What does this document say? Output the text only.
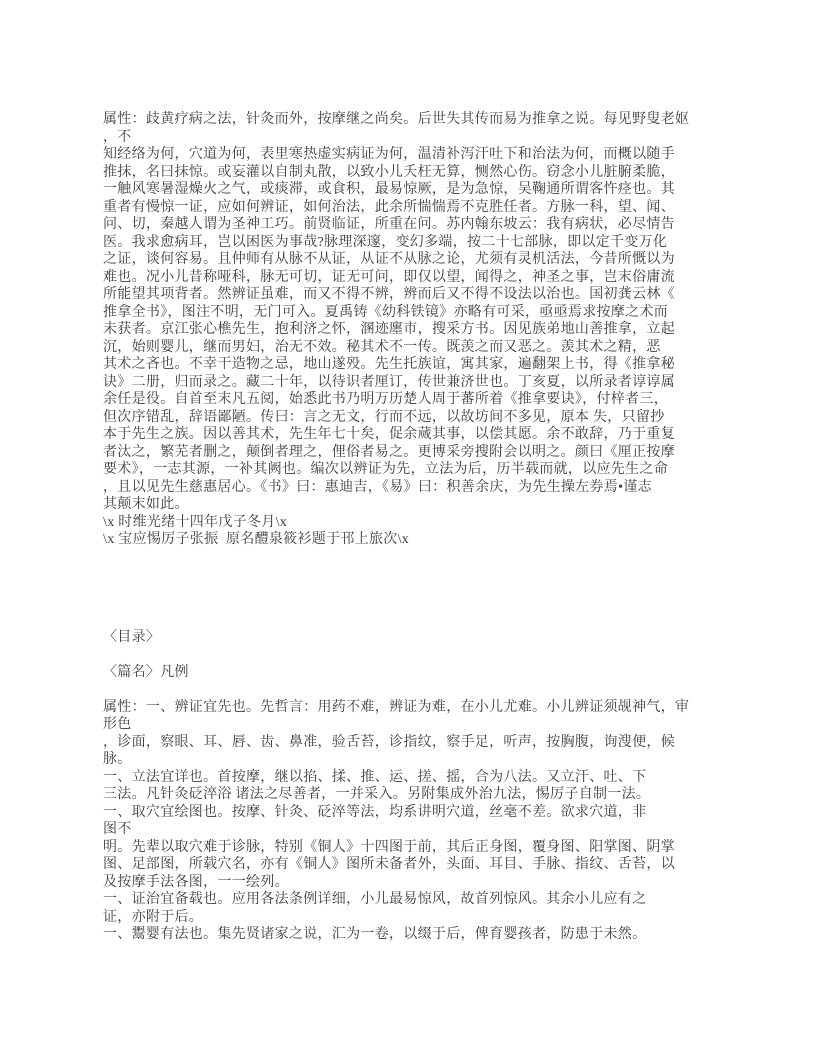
属性：歧黄疗病之法，针灸而外，按摩继之尚矣。后世失其传而易为推拿之说。每见野叟老妪
，不
知经络为何，穴道为何，表里寒热虚实病证为何，温清补泻汗吐下和治法为何，而概以随手
推抹，名曰抹惊。或妄灌以自制丸散，以致小儿夭枉无算，恻然心伤。窃念小儿脏腑柔脆，
一触风寒暑湿燥火之气，或痰滞，或食积，最易惊厥，是为急惊，吴鞠通所谓客忤痉也。其
重者有慢惊一证，应如何辨证，如何治法，此余所惴惴焉不克胜任者。方脉一科，望、闻、
问、切，秦越人谓为圣神工巧。前贤临证，所重在问。苏内翰东坡云：我有病状，必尽情告
医。我求愈病耳，岂以困医为事哉?脉理深邃，变幻多端，按二十七部脉，即以定千变万化
之证，谈何容易。且仲师有从脉不从证，从证不从脉之论，尤须有灵机活法，今昔所慨以为
难也。况小儿昔称哑科，脉无可切，证无可问，即仅以望，闻得之，神圣之事，岂末俗庸流
所能望其项背者。然辨证虽难，而又不得不辨，辨而后又不得不设法以治也。国初龚云林《
推拿全书》，图注不明，无门可入。夏禹铸《幼科铁镜》亦略有可采，亟亟焉求按摩之术而
未获者。京江张心樵先生，抱利济之怀，溷迹廛市，搜采方书。因见族弟地山善推拿，立起
沉，始则婴儿，继而男妇，治无不效。秘其术不一传。既羡之而又恶之。羡其术之精，恶
其术之吝也。不幸干造物之忌，地山遂殁。先生托族谊，寓其家，遍翻架上书，得《推拿秘
诀》二册，归而录之。藏二十年，以待识者厘订，传世兼济世也。丁亥夏，以所录者谆谆属
余任是役。自首至末凡五阅，始悉此书乃明万历楚人周于蕃所着《推拿要诀》，付梓者三，
但次序错乱，辞语鄙陋。传曰：言之无文，行而不远，以故坊间不多见，原本 失，只留抄
本于先生之族。因以善其术，先生年七十矣，促余蒇其事，以偿其愿。余不敢辞，乃于重复
者汰之，繁芜者删之，颠倒者理之，俚俗者易之。更博采旁搜附会以明之。颜曰《厘正按摩
要术》，一志其源，一补其阙也。编次以辨证为先，立法为后，历半载而就，以应先生之命
，且以见先生慈惠居心。《书》曰：惠迪吉，《易》曰：积善余庆，为先生操左券焉•谨志
其颠末如此。
\x 时维光绪十四年戊子冬月\x
\x 宝应惕厉子张振  原名醴泉筱衫题于邗上旅次\x
〈目录〉
〈篇名〉凡例
属性：一、辨证宜先也。先哲言：用药不难，辨证为难，在小儿尤难。小儿辨证须觇神气，审
形色
，诊面，察眼、耳、唇、齿、鼻准，验舌苔，诊指纹，察手足，听声，按胸腹，询溲便，候
脉。
一、立法宜详也。首按摩，继以掐、揉、推、运、搓、摇，合为八法。又立汗、吐、下
三法。凡针灸砭淬浴 诸法之尽善者，一并采入。另附集成外治九法，惕厉子自制一法。
一、取穴宜绘图也。按摩、针灸、砭淬等法，均系讲明穴道，丝毫不差。欲求穴道，非
图不
明。先辈以取穴难于诊脉，特别《铜人》十四图于前，其后正身图，覆身图、阳掌图、阴掌
图、足部图，所载穴名，亦有《铜人》图所未备者外，头面、耳目、手脉、指纹、舌苔，以
及按摩手法各图，一一绘列。
一、证治宜备载也。应用各法条例详细，小儿最易惊风，故首列惊风。其余小儿应有之
证，亦附于后。
一、鬻婴有法也。集先贤诸家之说，汇为一卷，以缀于后，俾育婴孩者，防患于未然。
